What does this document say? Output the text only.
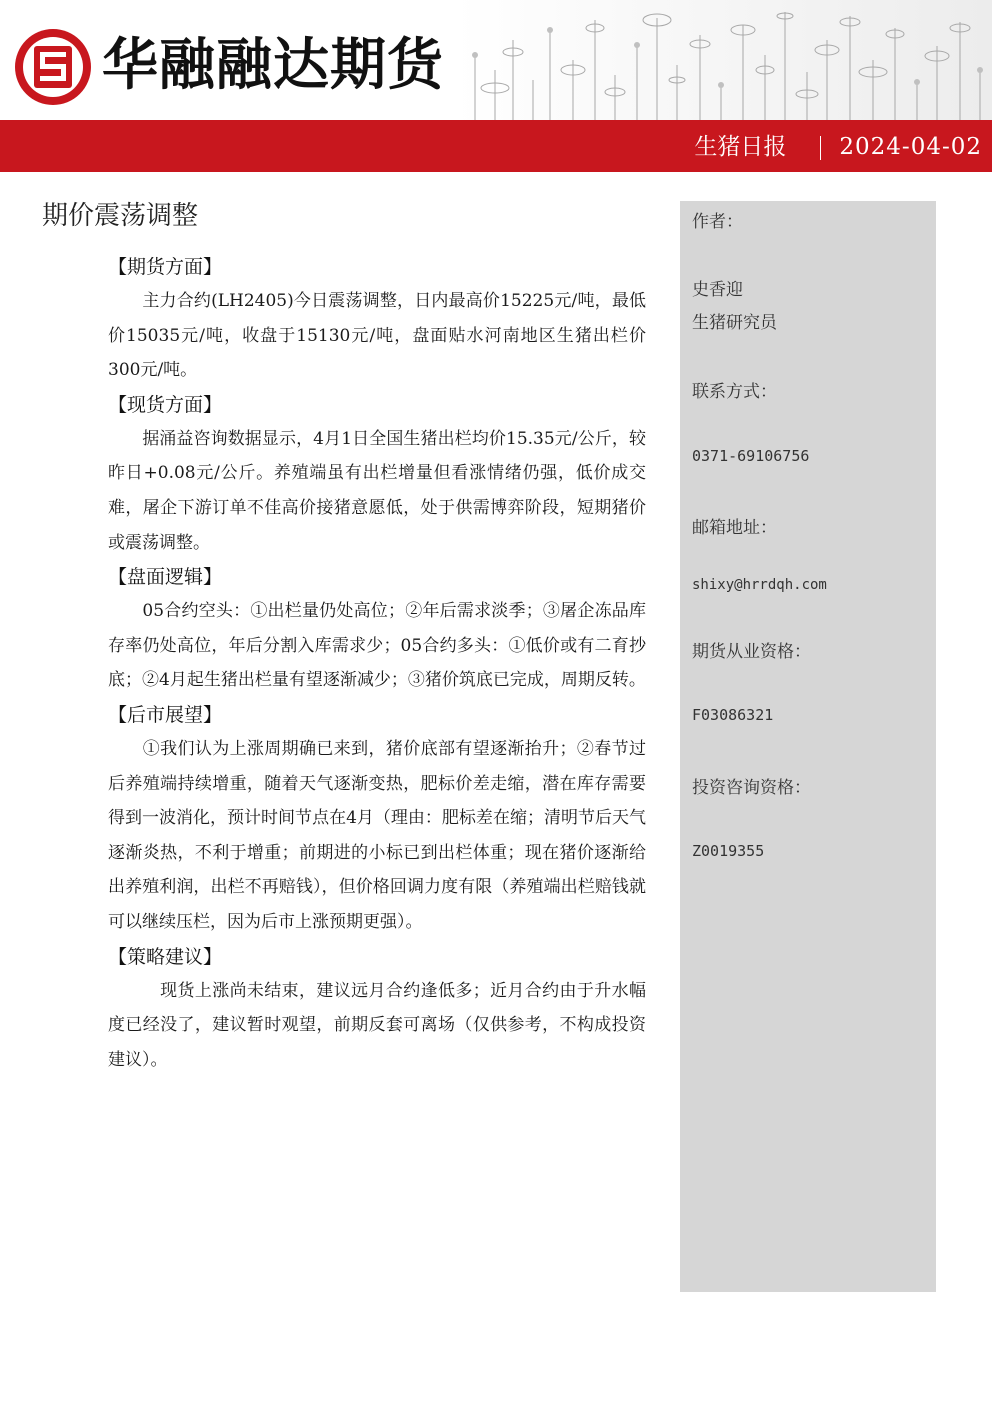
华融融达期货
生猪日报 2024-04-02
期价震荡调整
【期货方面】

　　主力合约(LH2405)今日震荡调整，日内最高价15225元/吨，最低价15035元/吨，收盘于15130元/吨，盘面贴水河南地区生猪出栏价300元/吨。

【现货方面】

　　据涌益咨询数据显示，4月1日全国生猪出栏均价15.35元/公斤，较昨日+0.08元/公斤。养殖端虽有出栏增量但看涨情绪仍强，低价成交难，屠企下游订单不佳高价接猪意愿低，处于供需博弈阶段，短期猪价或震荡调整。

【盘面逻辑】

　　05合约空头：①出栏量仍处高位；②年后需求淡季；③屠企冻品库存率仍处高位，年后分割入库需求少；05合约多头：①低价或有二育抄底；②4月起生猪出栏量有望逐渐减少；③猪价筑底已完成，周期反转。

【后市展望】

　　①我们认为上涨周期确已来到，猪价底部有望逐渐抬升；②春节过后养殖端持续增重，随着天气逐渐变热，肥标价差走缩，潜在库存需要得到一波消化，预计时间节点在4月（理由：肥标差在缩；清明节后天气逐渐炎热，不利于增重；前期进的小标已到出栏体重；现在猪价逐渐给出养殖利润，出栏不再赔钱），但价格回调力度有限（养殖端出栏赔钱就可以继续压栏，因为后市上涨预期更强）。

【策略建议】

　　　现货上涨尚未结束，建议远月合约逢低多；近月合约由于升水幅度已经没了，建议暂时观望，前期反套可离场（仅供参考，不构成投资建议）。

作者：
史香迎
生猪研究员
联系方式：
0371-69106756
邮箱地址：
shixy@hrrdqh.com
期货从业资格：
F03086321
投资咨询资格：
Z0019355
